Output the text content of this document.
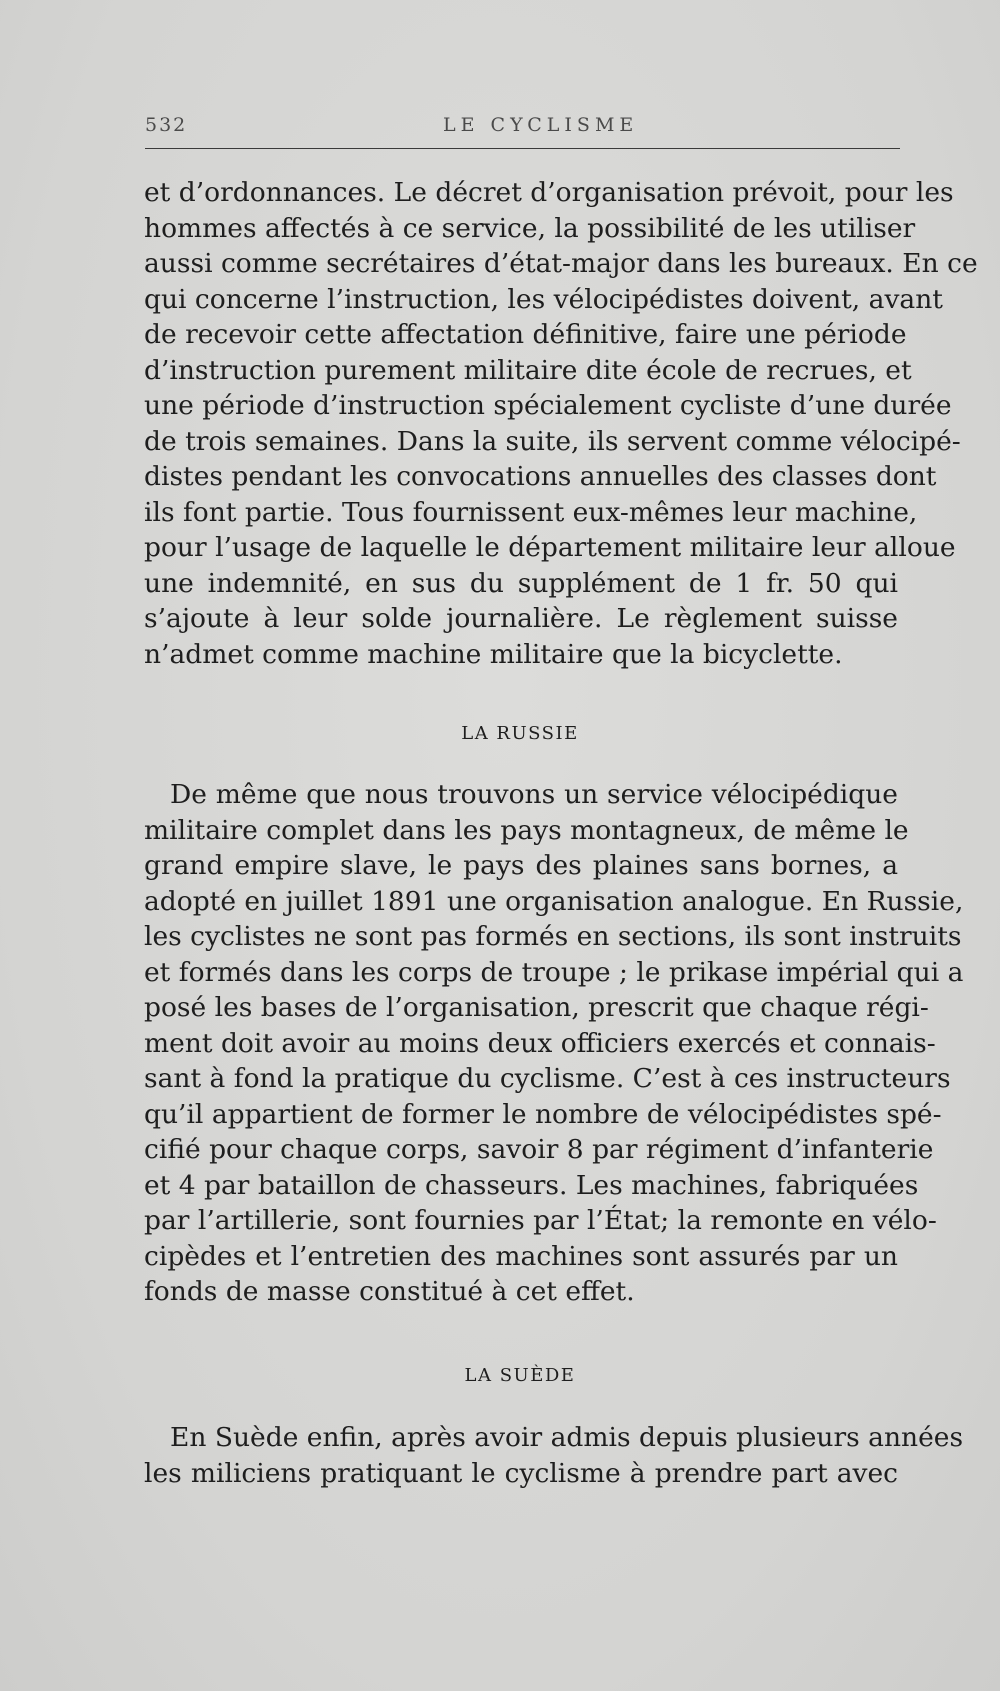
532	LE CYCLISME
et d’ordonnances. Le décret d’organisation prévoit, pour les
hommes affectés à ce service, la possibilité de les utiliser
aussi comme secrétaires d’état-major dans les bureaux. En ce
qui concerne l’instruction, les vélocipédistes doivent, avant
de recevoir cette affectation définitive, faire une période
d’instruction purement militaire dite école de recrues, et
une période d’instruction spécialement cycliste d’une durée
de trois semaines. Dans la suite, ils servent comme vélocipé-
distes pendant les convocations annuelles des classes dont
ils font partie. Tous fournissent eux-mêmes leur machine,
pour l’usage de laquelle le département militaire leur alloue
une indemnité, en sus du supplément de 1 fr. 50 qui
s’ajoute à leur solde journalière. Le règlement suisse
n’admet comme machine militaire que la bicyclette.
LA RUSSIE
De même que nous trouvons un service vélocipédique
militaire complet dans les pays montagneux, de même le
grand empire slave, le pays des plaines sans bornes, a
adopté en juillet 1891 une organisation analogue. En Russie,
les cyclistes ne sont pas formés en sections, ils sont instruits
et formés dans les corps de troupe ; le prikase impérial qui a
posé les bases de l’organisation, prescrit que chaque régi-
ment doit avoir au moins deux officiers exercés et connais-
sant à fond la pratique du cyclisme. C’est à ces instructeurs
qu’il appartient de former le nombre de vélocipédistes spé-
cifié pour chaque corps, savoir 8 par régiment d’infanterie
et 4 par bataillon de chasseurs. Les machines, fabriquées
par l’artillerie, sont fournies par l’État; la remonte en vélo-
cipèdes et l’entretien des machines sont assurés par un
fonds de masse constitué à cet effet.
LA SUÈDE
En Suède enfin, après avoir admis depuis plusieurs années
les miliciens pratiquant le cyclisme à prendre part avec
